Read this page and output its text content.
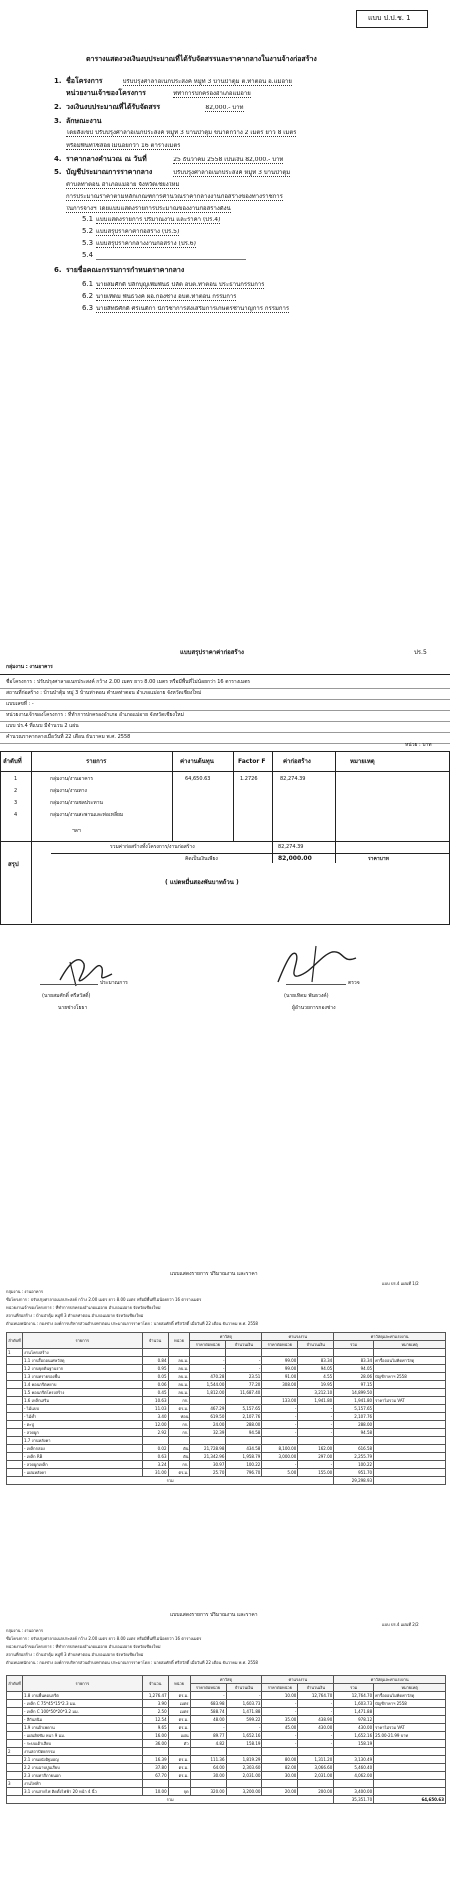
แบบ ป.ป.ช. 1
ตารางแสดงวงเงินงบประมาณที่ได้รับจัดสรรและราคากลางในงานจ้างก่อสร้าง
1. ชื่อโครงการ	ปรับปรุงศาลาอเนกประสงค์ หมู่ที่ 3 บ้านป่าตุ้ม ต.ท่าตอน อ.แม่อาย
หน่วยงานเจ้าของโครงการ	ที่ทำการปกครองอำเภอแม่อาย
2. วงเงินงบประมาณที่ได้รับจัดสรร	82,000.- บาท
3. ลักษณะงาน
โดยสังเขป ปรับปรุงศาลาอเนกประสงค์ หมู่ที่ 3 บ้านป่าตุ้ม ขนาดกว้าง 2 เมตร ยาว 8 เมตร
หรือมีพื้นที่ใช้สอยไม่น้อยกว่า 16 ตารางเมตร
4. ราคากลางคำนวณ ณ วันที่	25 ธันวาคม 2558 เป็นเงิน 82,000.- บาท
5. บัญชีประมาณการราคากลาง	ปรับปรุงศาลาอเนกประสงค์ หมู่ที่ 3 บ้านป่าตุ้ม
ตำบลท่าตอน อำเภอแม่อาย จังหวัดเชียงใหม่
การประมาณราคาตามหลักเกณฑ์การคำนวณราคากลางงานก่อสร้างของทางราชการ
ในการจ้างฯ โดยแบบแสดงรายการประมาณของงานก่อสร้างดังนี้
5.1 แบบแสดงรายการ ปริมาณงาน และราคา (ปร.4)
5.2 แบบสรุปราคาค่าก่อสร้าง (ปร.5)
5.3 แบบสรุปราคากลางงานก่อสร้าง (ปร.6)
5.4
6. รายชื่อคณะกรรมการกำหนดราคากลาง
6.1 นายสมศักดิ์ ปลิกบุญเพิ่มพันธ์ ปลัด อบต.ท่าตอน ประธานกรรมการ
6.2 นายเทิดม พันธวงค์ ผอ.กองช่าง อบต.ท่าตอน กรรมการ
6.3 นายสิทธิศักดิ์ ศรีเนติกา นักวิชาการส่งเสริมการเกษตรชำนาญการ กรรมการ
แบบสรุปราคาค่าก่อสร้าง	ปร.5
กลุ่มงาน : งานอาคาร
ชื่อโครงการ : ปรับปรุงศาลาอเนกประสงค์ กว้าง 2.00 เมตร ยาว 8.00 เมตร หรือมีพื้นที่ไม่น้อยกว่า 16 ตารางเมตร
สถานที่ก่อสร้าง : บ้านป่าตุ้ม หมู่ 3 บ้านท่าตอน ตำบลท่าตอน อำเภอแม่อาย จังหวัดเชียงใหม่
แบบเลขที่ : -
หน่วยงานเจ้าของโครงการ : ที่ทำการปกครองอำเภอ อำเภอแม่อาย จังหวัดเชียงใหม่
แบบ ปร.4 ที่แนบ มีจำนวน 2 แผ่น
คำนวณราคากลางเมื่อวันที่ 22 เดือน ธันวาคม พ.ศ. 2558
หน่วย : บาท
ลำดับที่	รายการ	ค่างานต้นทุน	Factor F	ค่าก่อสร้าง	หมายเหตุ
1	กลุ่มงาน/งานอาคาร	64,650.63	1.2726	82,274.39
2	กลุ่มงาน/งานทาง
3	กลุ่มงาน/งานชลประทาน
4	กลุ่มงาน/งานสะพานและท่อเหลี่ยม
ฯลฯ
รวมค่าก่อสร้างทั้งโครงการ/งานก่อสร้าง	82,274.39
คิดเป็นเงินเพียง	82,000.00	ราคาบาท
สรุป
( แปดหมื่นสองพันบาทถ้วน )
ประมาณการ
(นายสมศักดิ์ ศรีสวัสดิ์)
นายช่างโยธา
ตรวจ
(นายเทิดม พันธวงค์)
ผู้อำนวยการกองช่าง
แบบแสดงรายการ ปริมาณงาน และราคา
แบบ ปร.4 แผ่นที่ 1/2
กลุ่มงาน : งานอาคาร
ชื่อโครงการ : ปรับปรุงศาลาอเนกประสงค์ กว้าง 2.00 เมตร ยาว 8.00 เมตร หรือมีพื้นที่ไม่น้อยกว่า 16 ตารางเมตร
หน่วยงานเจ้าของโครงการ : ที่ทำการปกครองอำเภอแม่อาย อำเภอแม่อาย จังหวัดเชียงใหม่
สถานที่ก่อสร้าง : บ้านป่าตุ้ม หมู่ที่ 3 ตำบลท่าตอน อำเภอแม่อาย จังหวัดเชียงใหม่
ตำแหน่งพนักงาน : กองช่าง องค์การบริหารส่วนตำบลท่าตอน ประมาณการราคาโดย : นายสมศักดิ์ ศรีสวัสดิ์ เมื่อวันที่ 22 เดือน ธันวาคม พ.ศ. 2558
ลำดับที่	รายการ	จำนวน	หน่วย	ค่าวัสดุ		ค่าแรงงาน		ค่าวัสดุและค่าแรงงาน	
				ราคาต่อหน่วย	จำนวนเงิน	ราคาต่อหน่วย	จำนวนเงิน	รวม	หมายเหตุ
1	งานโครงสร้าง								
	1.1 งานรื้อถอนเศษวัสดุ	0.84	ลบ.ม.	-	-	99.00	83.34	83.34	ค่ารื้อถอนไม่คิดค่าวัสดุ
	1.2 งานขุดดินฐานราก	0.95	ลบ.ม.	-	-	99.00	94.05	94.05	
	1.3 งานทรายรองพื้น	0.05	ลบ.ม.	470.28	23.51	91.00	4.55	28.06	บัญชีราคาฯ 2558
	1.4 คอนกรีตหยาบ	0.06	ลบ.ม.	1,544.00	77.20	308.00	19.95	97.15	
	1.5 คอนกรีตโครงสร้าง	0.45	ลบ.ม.	1,812.00	11,687.40		3,212.10	14,899.50	
	1.6 เหล็กเสริม	10.63	กก.			133.00	1,941.80	1,941.80	ราคาไม่รวม VAT
	- ไม้แบบ	11.03	ตร.ม.	467.29	5,157.65	-	-	5,157.65	
	- ไม้ค้ำ	3.40	ท่อน	619.50	2,107.76	-	-	2,107.76	
	- ตะปู	12.00	กก.	24.00	288.00	-	-	288.00	
	- ลวดผูก	2.92	กก.	32.39	94.58	-	-	94.58	
	1.7 งานหลังคา								
	- เหล็กกล่อง	0.02	ตัน	21,728.98	434.58	8,100.00	162.00	616.58	
	- เหล็ก RB	0.63	ตัน	21,342.96	1,958.79	3,000.00	297.00	2,255.79	
	- ลวดผูกเหล็ก	3.24	กก.	30.97	100.22	-	-	100.22	
	- แผ่นหลังคา	31.00	ตร.ม.	25.70	796.70	5.00	155.00	951.70	
รวม								29,298.93	
แบบแสดงรายการ ปริมาณงาน และราคา
แบบ ปร.4 แผ่นที่ 2/2
กลุ่มงาน : งานอาคาร
ชื่อโครงการ : ปรับปรุงศาลาอเนกประสงค์ กว้าง 2.00 เมตร ยาว 8.00 เมตร หรือมีพื้นที่ไม่น้อยกว่า 16 ตารางเมตร
หน่วยงานเจ้าของโครงการ : ที่ทำการปกครองอำเภอแม่อาย อำเภอแม่อาย จังหวัดเชียงใหม่
สถานที่ก่อสร้าง : บ้านป่าตุ้ม หมู่ที่ 3 ตำบลท่าตอน อำเภอแม่อาย จังหวัดเชียงใหม่
ตำแหน่งพนักงาน : กองช่าง องค์การบริหารส่วนตำบลท่าตอน ประมาณการราคาโดย : นายสมศักดิ์ ศรีสวัสดิ์ เมื่อวันที่ 22 เดือน ธันวาคม พ.ศ. 2558
ลำดับที่	รายการ	จำนวน	หน่วย	ค่าวัสดุ		ค่าแรงงาน		ค่าวัสดุและค่าแรงงาน	
				ราคาต่อหน่วย	จำนวนเงิน	ราคาต่อหน่วย	จำนวนเงิน	รวม	หมายเหตุ
	1.8 งานพื้นคอนกรีต	1,276.47	ตร.ม.	-	-	10.00	12,764.70	12,764.70	ค่ารื้อถอนไม่คิดค่าวัสดุ
	- เหล็ก C 75*45*15*2.3 มม.	3.90	เมตร	683.98	1,603.73	-	-	1,603.73	บัญชีราคาฯ 2558
	- เหล็ก C 100*50*20*3.2 มม.	2.50	เมตร	588.74	1,471.88	-	-	1,471.88	
	- สีกันสนิม	12.54	ตร.ม.	48.00	599.22	35.00	438.90	978.12	
	1.9 งานฝ้าเพดาน	9.65	ตร.ม.	-	-	45.00	430.00	430.00	ราคาไม่รวม VAT
	- แผ่นยิปซัม หนา 9 มม.	16.00	แผ่น	89.77	1,652.16	-	-	1,652.16	25.00-21.99 บาท
	- ระบบเต้าเสียบ	36.00	ตัว	4.82	158.19	-	-	158.19	
2	งานสถาปัตยกรรม								
	2.1 งานผนังอิฐมอญ	16.39	ตร.ม.	111.36	1,819.29	80.00	1,311.20	3,130.49	
	2.2 งานฉาบปูนเรียบ	37.80	ตร.ม.	64.00	2,303.60	82.00	3,066.60	5,460.40	
	2.3 งานทาสีภายนอก	67.70	ตร.ม.	30.00	2,031.00	30.00	2,031.00	4,062.00	
3	งานไฟฟ้า								
	3.1 งานสายไฟ ติดตั้งไฟฟ้า 20 หน้า 4 นิ้ว	10.00	จุด	320.00	3,200.00	20.00	200.00	3,400.00	
รวม								35,351.70	64,650.63
